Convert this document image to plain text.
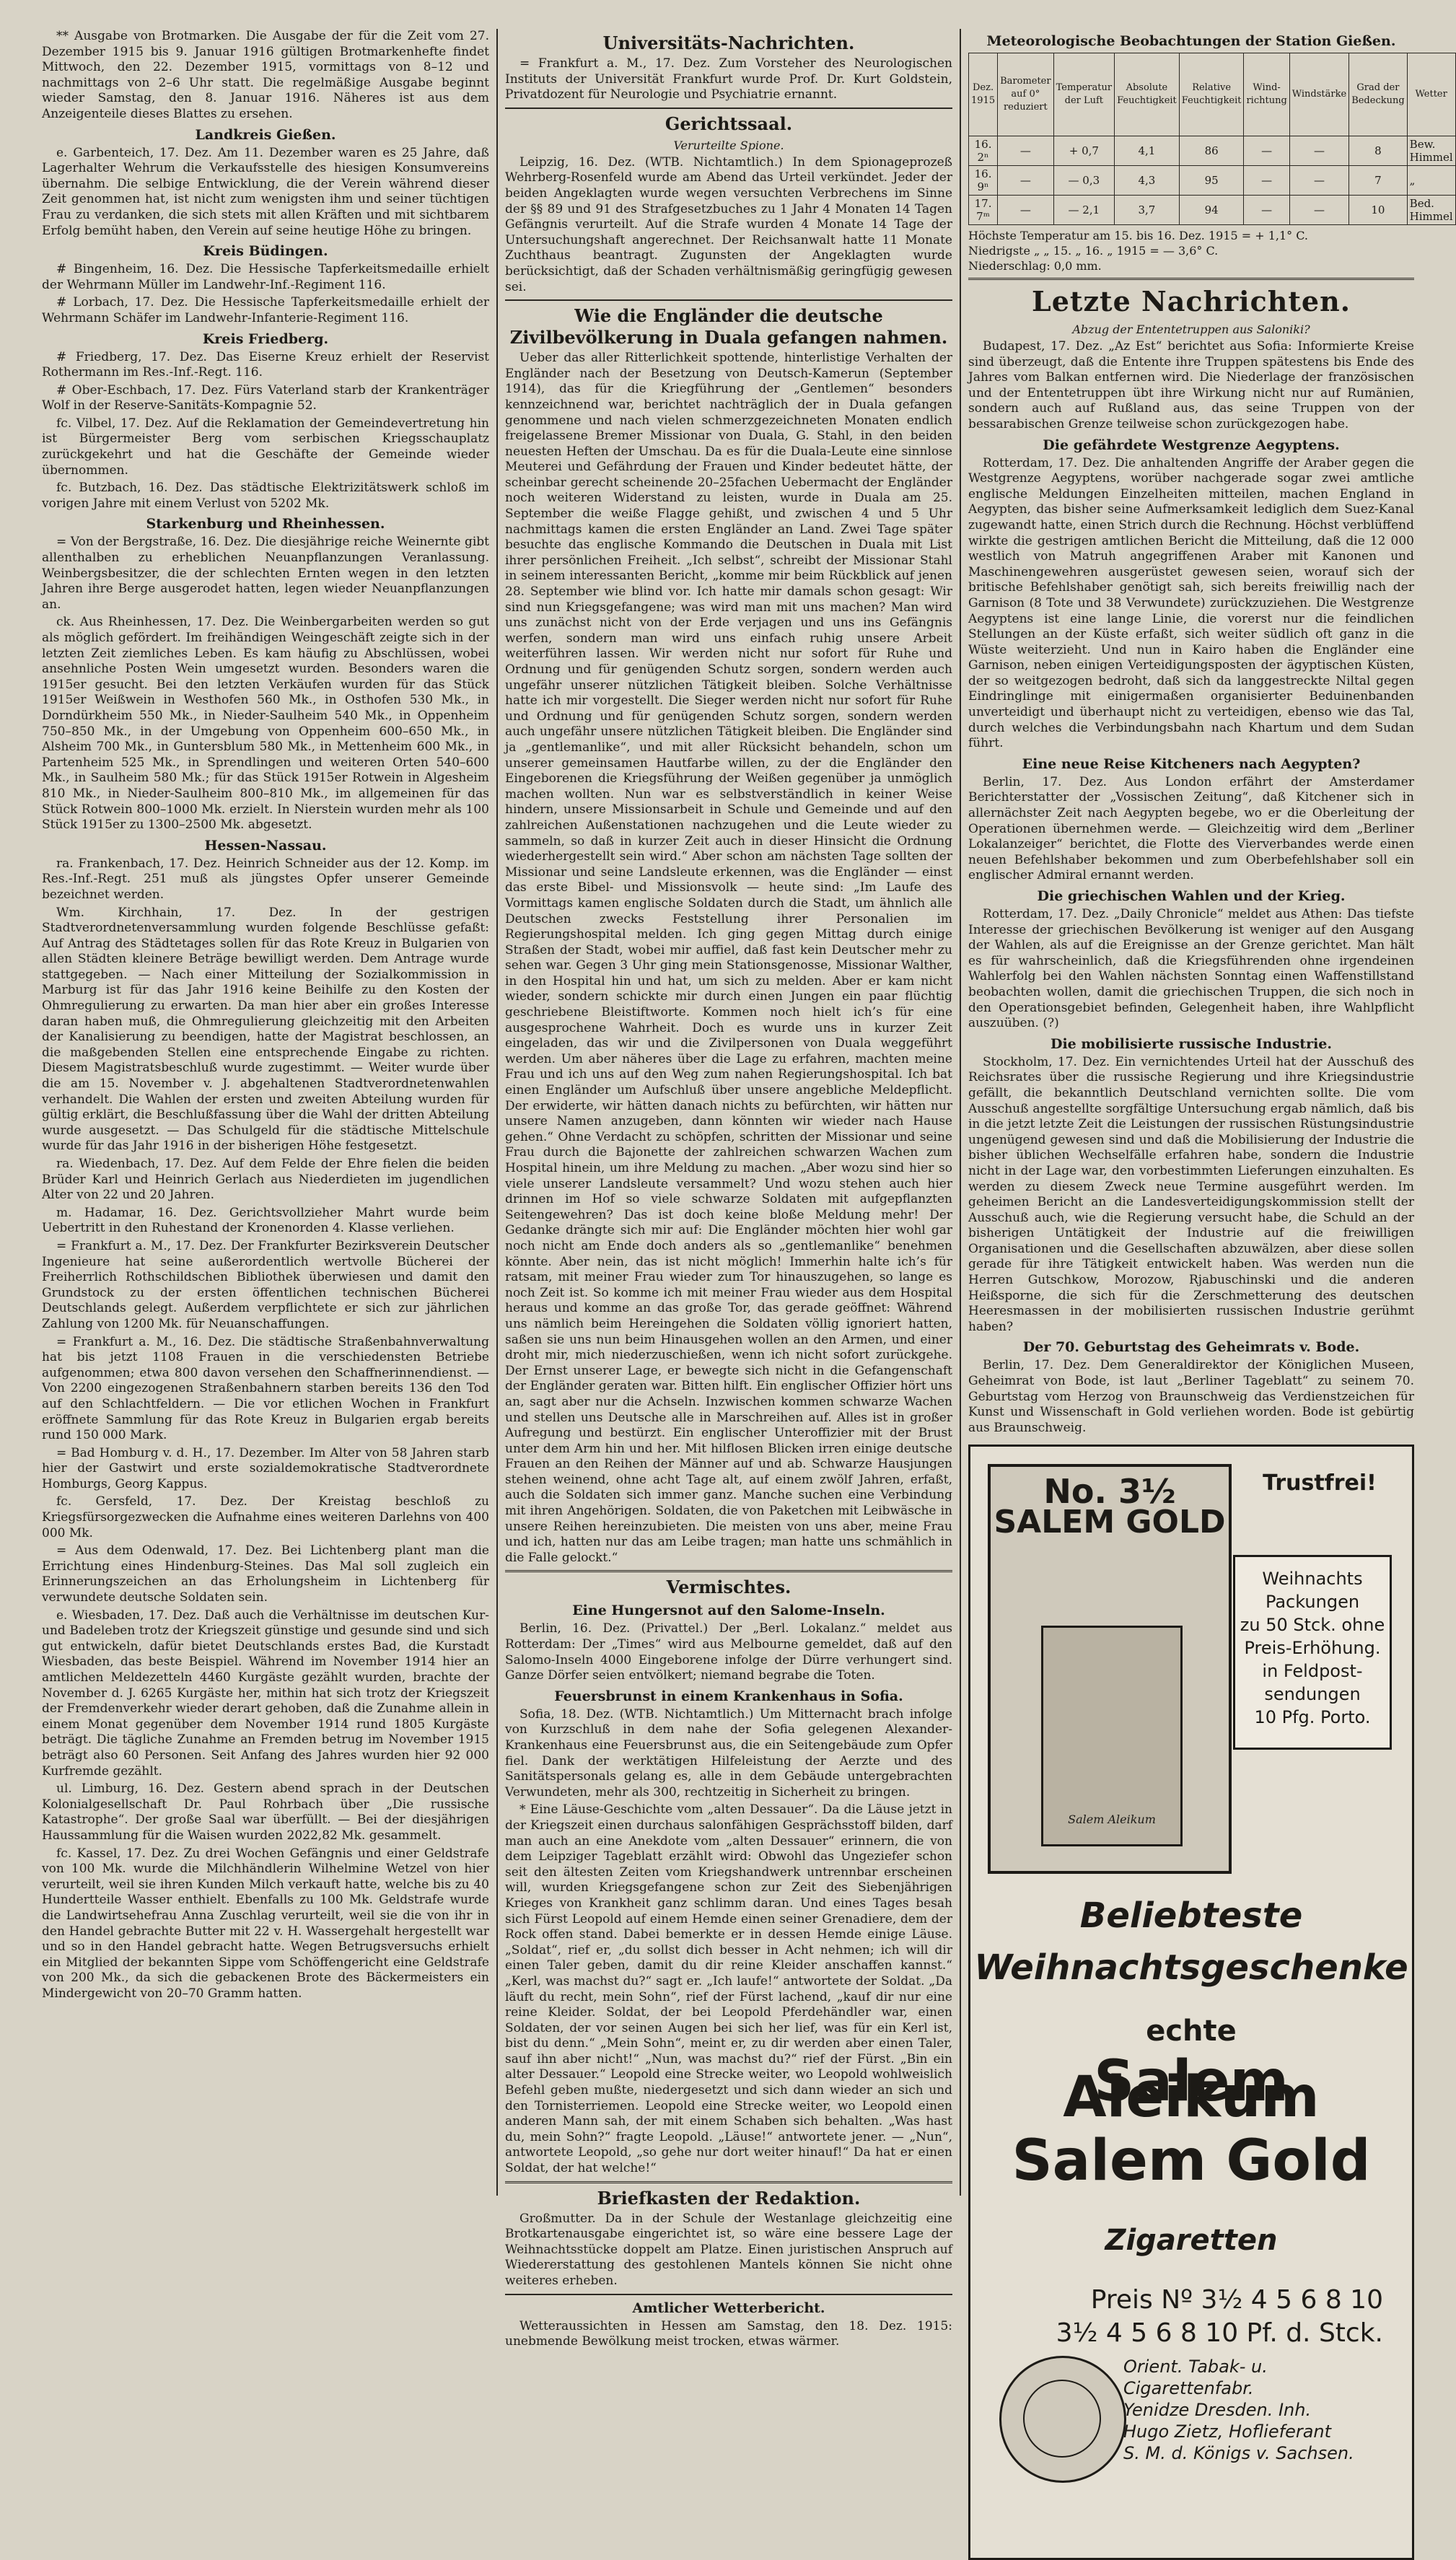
** Ausgabe von Brotmarken. Die Ausgabe der für die Zeit vom 27. Dezember 1915 bis 9. Januar 1916 gültigen Brotmarkenhefte findet Mittwoch, den 22. Dezember 1915, vormittags von 8–12 und nachmittags von 2–6 Uhr statt. Die regelmäßige Ausgabe beginnt wieder Samstag, den 8. Januar 1916. Näheres ist aus dem Anzeigenteile dieses Blattes zu ersehen.

Landkreis Gießen.

e. Garbenteich, 17. Dez. Am 11. Dezember waren es 25 Jahre, daß Lagerhalter Wehrum die Verkaufsstelle des hiesigen Konsumvereins übernahm. Die selbige Entwicklung, die der Verein während dieser Zeit genommen hat, ist nicht zum wenigsten ihm und seiner tüchtigen Frau zu verdanken, die sich stets mit allen Kräften und mit sichtbarem Erfolg bemüht haben, den Verein auf seine heutige Höhe zu bringen.

Kreis Büdingen.

# Bingenheim, 16. Dez. Die Hessische Tapferkeitsmedaille erhielt der Wehrmann Müller im Landwehr-Inf.-Regiment 116.

# Lorbach, 17. Dez. Die Hessische Tapferkeitsmedaille erhielt der Wehrmann Schäfer im Landwehr-Infanterie-Regiment 116.

Kreis Friedberg.

# Friedberg, 17. Dez. Das Eiserne Kreuz erhielt der Reservist Rothermann im Res.-Inf.-Regt. 116.

# Ober-Eschbach, 17. Dez. Fürs Vaterland starb der Krankenträger Wolf in der Reserve-Sanitäts-Kompagnie 52.

fc. Vilbel, 17. Dez. Auf die Reklamation der Gemeindevertretung hin ist Bürgermeister Berg vom serbischen Kriegsschauplatz zurückgekehrt und hat die Geschäfte der Gemeinde wieder übernommen.

fc. Butzbach, 16. Dez. Das städtische Elektrizitätswerk schloß im vorigen Jahre mit einem Verlust von 5202 Mk.

Starkenburg und Rheinhessen.

= Von der Bergstraße, 16. Dez. Die diesjährige reiche Weinernte gibt allenthalben zu erheblichen Neuanpflanzungen Veranlassung. Weinbergsbesitzer, die der schlechten Ernten wegen in den letzten Jahren ihre Berge ausgerodet hatten, legen wieder Neuanpflanzungen an.

ck. Aus Rheinhessen, 17. Dez. Die Weinbergarbeiten werden so gut als möglich gefördert. Im freihändigen Weingeschäft zeigte sich in der letzten Zeit ziemliches Leben. Es kam häufig zu Abschlüssen, wobei ansehnliche Posten Wein umgesetzt wurden. Besonders waren die 1915er gesucht. Bei den letzten Verkäufen wurden für das Stück 1915er Weißwein in Westhofen 560 Mk., in Osthofen 530 Mk., in Dorndürkheim 550 Mk., in Nieder-Saulheim 540 Mk., in Oppenheim 750–850 Mk., in der Umgebung von Oppenheim 600–650 Mk., in Alsheim 700 Mk., in Guntersblum 580 Mk., in Mettenheim 600 Mk., in Partenheim 525 Mk., in Sprendlingen und weiteren Orten 540–600 Mk., in Saulheim 580 Mk.; für das Stück 1915er Rotwein in Algesheim 810 Mk., in Nieder-Saulheim 800–810 Mk., im allgemeinen für das Stück Rotwein 800–1000 Mk. erzielt. In Nierstein wurden mehr als 100 Stück 1915er zu 1300–2500 Mk. abgesetzt.

Hessen-Nassau.

ra. Frankenbach, 17. Dez. Heinrich Schneider aus der 12. Komp. im Res.-Inf.-Regt. 251 muß als jüngstes Opfer unserer Gemeinde bezeichnet werden.

Wm. Kirchhain, 17. Dez. In der gestrigen Stadtverordnetenversammlung wurden folgende Beschlüsse gefaßt: Auf Antrag des Städtetages sollen für das Rote Kreuz in Bulgarien von allen Städten kleinere Beträge bewilligt werden. Dem Antrage wurde stattgegeben. — Nach einer Mitteilung der Sozialkommission in Marburg ist für das Jahr 1916 keine Beihilfe zu den Kosten der Ohmregulierung zu erwarten. Da man hier aber ein großes Interesse daran haben muß, die Ohmregulierung gleichzeitig mit den Arbeiten der Kanalisierung zu beendigen, hatte der Magistrat beschlossen, an die maßgebenden Stellen eine entsprechende Eingabe zu richten. Diesem Magistratsbeschluß wurde zugestimmt. — Weiter wurde über die am 15. November v. J. abgehaltenen Stadtverordnetenwahlen verhandelt. Die Wahlen der ersten und zweiten Abteilung wurden für gültig erklärt, die Beschlußfassung über die Wahl der dritten Abteilung wurde ausgesetzt. — Das Schulgeld für die städtische Mittelschule wurde für das Jahr 1916 in der bisherigen Höhe festgesetzt.

ra. Wiedenbach, 17. Dez. Auf dem Felde der Ehre fielen die beiden Brüder Karl und Heinrich Gerlach aus Niederdieten im jugendlichen Alter von 22 und 20 Jahren.

m. Hadamar, 16. Dez. Gerichtsvollzieher Mahrt wurde beim Uebertritt in den Ruhestand der Kronenorden 4. Klasse verliehen.

= Frankfurt a. M., 17. Dez. Der Frankfurter Bezirksverein Deutscher Ingenieure hat seine außerordentlich wertvolle Bücherei der Freiherrlich Rothschildschen Bibliothek überwiesen und damit den Grundstock zu der ersten öffentlichen technischen Bücherei Deutschlands gelegt. Außerdem verpflichtete er sich zur jährlichen Zahlung von 1200 Mk. für Neuanschaffungen.

= Frankfurt a. M., 16. Dez. Die städtische Straßenbahnverwaltung hat bis jetzt 1108 Frauen in die verschiedensten Betriebe aufgenommen; etwa 800 davon versehen den Schaffnerinnendienst. — Von 2200 eingezogenen Straßenbahnern starben bereits 136 den Tod auf den Schlachtfeldern. — Die vor etlichen Wochen in Frankfurt eröffnete Sammlung für das Rote Kreuz in Bulgarien ergab bereits rund 150 000 Mark.

= Bad Homburg v. d. H., 17. Dezember. Im Alter von 58 Jahren starb hier der Gastwirt und erste sozialdemokratische Stadtverordnete Homburgs, Georg Kappus.

fc. Gersfeld, 17. Dez. Der Kreistag beschloß zu Kriegsfürsorgezwecken die Aufnahme eines weiteren Darlehns von 400 000 Mk.

= Aus dem Odenwald, 17. Dez. Bei Lichtenberg plant man die Errichtung eines Hindenburg-Steines. Das Mal soll zugleich ein Erinnerungszeichen an das Erholungsheim in Lichtenberg für verwundete deutsche Soldaten sein.

e. Wiesbaden, 17. Dez. Daß auch die Verhältnisse im deutschen Kur- und Badeleben trotz der Kriegszeit günstige und gesunde sind und sich gut entwickeln, dafür bietet Deutschlands erstes Bad, die Kurstadt Wiesbaden, das beste Beispiel. Während im November 1914 hier an amtlichen Meldezetteln 4460 Kurgäste gezählt wurden, brachte der November d. J. 6265 Kurgäste her, mithin hat sich trotz der Kriegszeit der Fremdenverkehr wieder derart gehoben, daß die Zunahme allein in einem Monat gegenüber dem November 1914 rund 1805 Kurgäste beträgt. Die tägliche Zunahme an Fremden betrug im November 1915 beträgt also 60 Personen. Seit Anfang des Jahres wurden hier 92 000 Kurfremde gezählt.

ul. Limburg, 16. Dez. Gestern abend sprach in der Deutschen Kolonialgesellschaft Dr. Paul Rohrbach über „Die russische Katastrophe“. Der große Saal war überfüllt. — Bei der diesjährigen Haussammlung für die Waisen wurden 2022,82 Mk. gesammelt.

fc. Kassel, 17. Dez. Zu drei Wochen Gefängnis und einer Geldstrafe von 100 Mk. wurde die Milchhändlerin Wilhelmine Wetzel von hier verurteilt, weil sie ihren Kunden Milch verkauft hatte, welche bis zu 40 Hundertteile Wasser enthielt. Ebenfalls zu 100 Mk. Geldstrafe wurde die Landwirtsehefrau Anna Zuschlag verurteilt, weil sie die von ihr in den Handel gebrachte Butter mit 22 v. H. Wassergehalt hergestellt war und so in den Handel gebracht hatte. Wegen Betrugsversuchs erhielt ein Mitglied der bekannten Sippe vom Schöffengericht eine Geldstrafe von 200 Mk., da sich die gebackenen Brote des Bäckermeisters ein Mindergewicht von 20–70 Gramm hatten.

Universitäts-Nachrichten.

= Frankfurt a. M., 17. Dez. Zum Vorsteher des Neurologischen Instituts der Universität Frankfurt wurde Prof. Dr. Kurt Goldstein, Privatdozent für Neurologie und Psychiatrie ernannt.

Gerichtssaal.
Verurteilte Spione.

Leipzig, 16. Dez. (WTB. Nichtamtlich.) In dem Spionageprozeß Wehrberg-Rosenfeld wurde am Abend das Urteil verkündet. Jeder der beiden Angeklagten wurde wegen versuchten Verbrechens im Sinne der §§ 89 und 91 des Strafgesetzbuches zu 1 Jahr 4 Monaten 14 Tagen Gefängnis verurteilt. Auf die Strafe wurden 4 Monate 14 Tage der Untersuchungshaft angerechnet. Der Reichsanwalt hatte 11 Monate Zuchthaus beantragt. Zugunsten der Angeklagten wurde berücksichtigt, daß der Schaden verhältnismäßig geringfügig gewesen sei.

Wie die Engländer die deutsche Zivilbevölkerung in Duala gefangen nahmen.

Ueber das aller Ritterlichkeit spottende, hinterlistige Verhalten der Engländer nach der Besetzung von Deutsch-Kamerun (September 1914), das für die Kriegführung der „Gentlemen“ besonders kennzeichnend war, berichtet nachträglich der in Duala gefangen genommene und nach vielen schmerzgezeichneten Monaten endlich freigelassene Bremer Missionar von Duala, G. Stahl, in den beiden neuesten Heften der Umschau. Da es für die Duala-Leute eine sinnlose Meuterei und Gefährdung der Frauen und Kinder bedeutet hätte, der scheinbar gerecht scheinende 20–25fachen Uebermacht der Engländer noch weiteren Widerstand zu leisten, wurde in Duala am 25. September die weiße Flagge gehißt, und zwischen 4 und 5 Uhr nachmittags kamen die ersten Engländer an Land. Zwei Tage später besuchte das englische Kommando die Deutschen in Duala mit List ihrer persönlichen Freiheit. „Ich selbst“, schreibt der Missionar Stahl in seinem interessanten Bericht, „komme mir beim Rückblick auf jenen 28. September wie blind vor. Ich hatte mir damals schon gesagt: Wir sind nun Kriegsgefangene; was wird man mit uns machen? Man wird uns zunächst nicht von der Erde verjagen und uns ins Gefängnis werfen, sondern man wird uns einfach ruhig unsere Arbeit weiterführen lassen. Wir werden nicht nur sofort für Ruhe und Ordnung und für genügenden Schutz sorgen, sondern werden auch ungefähr unserer nützlichen Tätigkeit bleiben. Solche Verhältnisse hatte ich mir vorgestellt. Die Sieger werden nicht nur sofort für Ruhe und Ordnung und für genügenden Schutz sorgen, sondern werden auch ungefähr unsere nützlichen Tätigkeit bleiben. Die Engländer sind ja „gentlemanlike“, und mit aller Rücksicht behandeln, schon um unserer gemeinsamen Hautfarbe willen, zu der die Engländer den Eingeborenen die Kriegsführung der Weißen gegenüber ja unmöglich machen wollten. Nun war es selbstverständlich in keiner Weise hindern, unsere Missionsarbeit in Schule und Gemeinde und auf den zahlreichen Außenstationen nachzugehen und die Leute wieder zu sammeln, so daß in kurzer Zeit auch in dieser Hinsicht die Ordnung wiederhergestellt sein wird.“ Aber schon am nächsten Tage sollten der Missionar und seine Landsleute erkennen, was die Engländer — einst das erste Bibel- und Missionsvolk — heute sind: „Im Laufe des Vormittags kamen englische Soldaten durch die Stadt, um ähnlich alle Deutschen zwecks Feststellung ihrer Personalien im Regierungshospital melden. Ich ging gegen Mittag durch einige Straßen der Stadt, wobei mir auffiel, daß fast kein Deutscher mehr zu sehen war. Gegen 3 Uhr ging mein Stationsgenosse, Missionar Walther, in den Hospital hin und hat, um sich zu melden. Aber er kam nicht wieder, sondern schickte mir durch einen Jungen ein paar flüchtig geschriebene Bleistiftworte. Kommen noch hielt ich’s für eine ausgesprochene Wahrheit. Doch es wurde uns in kurzer Zeit eingeladen, das wir und die Zivilpersonen von Duala weggeführt werden. Um aber näheres über die Lage zu erfahren, machten meine Frau und ich uns auf den Weg zum nahen Regierungshospital. Ich bat einen Engländer um Aufschluß über unsere angebliche Meldepflicht. Der erwiderte, wir hätten danach nichts zu befürchten, wir hätten nur unsere Namen anzugeben, dann könnten wir wieder nach Hause gehen.“ Ohne Verdacht zu schöpfen, schritten der Missionar und seine Frau durch die Bajonette der zahlreichen schwarzen Wachen zum Hospital hinein, um ihre Meldung zu machen. „Aber wozu sind hier so viele unserer Landsleute versammelt? Und wozu stehen auch hier drinnen im Hof so viele schwarze Soldaten mit aufgepflanzten Seitengewehren? Das ist doch keine bloße Meldung mehr! Der Gedanke drängte sich mir auf: Die Engländer möchten hier wohl gar noch nicht am Ende doch anders als so „gentlemanlike“ benehmen könnte. Aber nein, das ist nicht möglich! Immerhin halte ich’s für ratsam, mit meiner Frau wieder zum Tor hinauszugehen, so lange es noch Zeit ist. So komme ich mit meiner Frau wieder aus dem Hospital heraus und komme an das große Tor, das gerade geöffnet: Während uns nämlich beim Hereingehen die Soldaten völlig ignoriert hatten, saßen sie uns nun beim Hinausgehen wollen an den Armen, und einer droht mir, mich niederzuschießen, wenn ich nicht sofort zurückgehe. Der Ernst unserer Lage, er bewegte sich nicht in die Gefangenschaft der Engländer geraten war. Bitten hilft. Ein englischer Offizier hört uns an, sagt aber nur die Achseln. Inzwischen kommen schwarze Wachen und stellen uns Deutsche alle in Marschreihen auf. Alles ist in großer Aufregung und bestürzt. Ein englischer Unteroffizier mit der Brust unter dem Arm hin und her. Mit hilflosen Blicken irren einige deutsche Frauen an den Reihen der Männer auf und ab. Schwarze Hausjungen stehen weinend, ohne acht Tage alt, auf einem zwölf Jahren, erfaßt, auch die Soldaten sich immer ganz. Manche suchen eine Verbindung mit ihren Angehörigen. Soldaten, die von Paketchen mit Leibwäsche in unsere Reihen hereinzubieten. Die meisten von uns aber, meine Frau und ich, hatten nur das am Leibe tragen; man hatte uns schmählich in die Falle gelockt.“

Vermischtes.
Eine Hungersnot auf den Salome-Inseln.

Berlin, 16. Dez. (Privattel.) Der „Berl. Lokalanz.“ meldet aus Rotterdam: Der „Times“ wird aus Melbourne gemeldet, daß auf den Salomo-Inseln 4000 Eingeborene infolge der Dürre verhungert sind. Ganze Dörfer seien entvölkert; niemand begrabe die Toten.

Feuersbrunst in einem Krankenhaus in Sofia.

Sofia, 18. Dez. (WTB. Nichtamtlich.) Um Mitternacht brach infolge von Kurzschluß in dem nahe der Sofia gelegenen Alexander-Krankenhaus eine Feuersbrunst aus, die ein Seitengebäude zum Opfer fiel. Dank der werktätigen Hilfeleistung der Aerzte und des Sanitätspersonals gelang es, alle in dem Gebäude untergebrachten Verwundeten, mehr als 300, rechtzeitig in Sicherheit zu bringen.

* Eine Läuse-Geschichte vom „alten Dessauer“. Da die Läuse jetzt in der Kriegszeit einen durchaus salonfähigen Gesprächsstoff bilden, darf man auch an eine Anekdote vom „alten Dessauer“ erinnern, die von dem Leipziger Tageblatt erzählt wird: Obwohl das Ungeziefer schon seit den ältesten Zeiten vom Kriegshandwerk untrennbar erscheinen will, wurden Kriegsgefangene schon zur Zeit des Siebenjährigen Krieges von Krankheit ganz schlimm daran. Und eines Tages besah sich Fürst Leopold auf einem Hemde einen seiner Grenadiere, dem der Rock offen stand. Dabei bemerkte er in dessen Hemde einige Läuse. „Soldat“, rief er, „du sollst dich besser in Acht nehmen; ich will dir einen Taler geben, damit du dir reine Kleider anschaffen kannst.“ „Kerl, was machst du?“ sagt er. „Ich laufe!“ antwortete der Soldat. „Da läuft du recht, mein Sohn“, rief der Fürst lachend, „kauf dir nur eine reine Kleider. Soldat, der bei Leopold Pferdehändler war, einen Soldaten, der vor seinen Augen bei sich her lief, was für ein Kerl ist, bist du denn.“ „Mein Sohn“, meint er, zu dir werden aber einen Taler, sauf ihn aber nicht!“ „Nun, was machst du?“ rief der Fürst. „Bin ein alter Dessauer.“ Leopold eine Strecke weiter, wo Leopold wohlweislich Befehl geben mußte, niedergesetzt und sich dann wieder an sich und den Tornisterriemen. Leopold eine Strecke weiter, wo Leopold einen anderen Mann sah, der mit einem Schaben sich behalten. „Was hast du, mein Sohn?“ fragte Leopold. „Läuse!“ antwortete jener. — „Nun“, antwortete Leopold, „so gehe nur dort weiter hinauf!“ Da hat er einen Soldat, der hat welche!“

Briefkasten der Redaktion.

Großmutter. Da in der Schule der Westanlage gleichzeitig eine Brotkartenausgabe eingerichtet ist, so wäre eine bessere Lage der Weihnachtsstücke doppelt am Platze. Einen juristischen Anspruch auf Wiedererstattung des gestohlenen Mantels können Sie nicht ohne weiteres erheben.

Amtlicher Wetterbericht.

Wetteraussichten in Hessen am Samstag, den 18. Dez. 1915: unebmende Bewölkung meist trocken, etwas wärmer.

Meteorologische Beobachtungen der Station Gießen.
Dez. 1915	Barometer auf 0° reduziert	Temperatur der Luft	Absolute Feuchtigkeit	Relative Feuchtigkeit	Wind-richtung	Windstärke	Grad der Bedeckung	Wetter
16. 2ⁿ	—	+ 0,7	4,1	86	—	—	8	Bew. Himmel
16. 9ⁿ	—	— 0,3	4,3	95	—	—	7	„
17. 7ᵐ	—	— 2,1	3,7	94	—	—	10	Bed. Himmel
Höchste Temperatur am 15. bis 16. Dez. 1915 = + 1,1° C.
Niedrigste „ „ 15. „ 16. „ 1915 = — 3,6° C.
Niederschlag: 0,0 mm.
Letzte Nachrichten.
Abzug der Ententetruppen aus Saloniki?

Budapest, 17. Dez. „Az Est“ berichtet aus Sofia: Informierte Kreise sind überzeugt, daß die Entente ihre Truppen spätestens bis Ende des Jahres vom Balkan entfernen wird. Die Niederlage der französischen und der Ententetruppen übt ihre Wirkung nicht nur auf Rumänien, sondern auch auf Rußland aus, das seine Truppen von der bessarabischen Grenze teilweise schon zurückgezogen habe.

Die gefährdete Westgrenze Aegyptens.

Rotterdam, 17. Dez. Die anhaltenden Angriffe der Araber gegen die Westgrenze Aegyptens, worüber nachgerade sogar zwei amtliche englische Meldungen Einzelheiten mitteilen, machen England in Aegypten, das bisher seine Aufmerksamkeit lediglich dem Suez-Kanal zugewandt hatte, einen Strich durch die Rechnung. Höchst verblüffend wirkte die gestrigen amtlichen Bericht die Mitteilung, daß die 12 000 westlich von Matruh angegriffenen Araber mit Kanonen und Maschinengewehren ausgerüstet gewesen seien, worauf sich der britische Befehlshaber genötigt sah, sich bereits freiwillig nach der Garnison (8 Tote und 38 Verwundete) zurückzuziehen. Die Westgrenze Aegyptens ist eine lange Linie, die vorerst nur die feindlichen Stellungen an der Küste erfaßt, sich weiter südlich oft ganz in die Wüste weiterzieht. Und nun in Kairo haben die Engländer eine Garnison, neben einigen Verteidigungsposten der ägyptischen Küsten, der so weitgezogen bedroht, daß sich da langgestreckte Niltal gegen Eindringlinge mit einigermaßen organisierter Beduinenbanden unverteidigt und überhaupt nicht zu verteidigen, ebenso wie das Tal, durch welches die Verbindungsbahn nach Khartum und dem Sudan führt.

Eine neue Reise Kitcheners nach Aegypten?

Berlin, 17. Dez. Aus London erfährt der Amsterdamer Berichterstatter der „Vossischen Zeitung“, daß Kitchener sich in allernächster Zeit nach Aegypten begebe, wo er die Oberleitung der Operationen übernehmen werde. — Gleichzeitig wird dem „Berliner Lokalanzeiger“ berichtet, die Flotte des Vierverbandes werde einen neuen Befehlshaber bekommen und zum Oberbefehlshaber soll ein englischer Admiral ernannt werden.

Die griechischen Wahlen und der Krieg.

Rotterdam, 17. Dez. „Daily Chronicle“ meldet aus Athen: Das tiefste Interesse der griechischen Bevölkerung ist weniger auf den Ausgang der Wahlen, als auf die Ereignisse an der Grenze gerichtet. Man hält es für wahrscheinlich, daß die Kriegsführenden ohne irgendeinen Wahlerfolg bei den Wahlen nächsten Sonntag einen Waffenstillstand beobachten wollen, damit die griechischen Truppen, die sich noch in den Operationsgebiet befinden, Gelegenheit haben, ihre Wahlpflicht auszuüben. (?)

Die mobilisierte russische Industrie.

Stockholm, 17. Dez. Ein vernichtendes Urteil hat der Ausschuß des Reichsrates über die russische Regierung und ihre Kriegsindustrie gefällt, die bekanntlich Deutschland vernichten sollte. Die vom Ausschuß angestellte sorgfältige Untersuchung ergab nämlich, daß bis in die jetzt letzte Zeit die Leistungen der russischen Rüstungsindustrie ungenügend gewesen sind und daß die Mobilisierung der Industrie die bisher üblichen Wechselfälle erfahren habe, sondern die Industrie nicht in der Lage war, den vorbestimmten Lieferungen einzuhalten. Es werden zu diesem Zweck neue Termine ausgeführt werden. Im geheimen Bericht an die Landesverteidigungskommission stellt der Ausschuß auch, wie die Regierung versucht habe, die Schuld an der bisherigen Untätigkeit der Industrie auf die freiwilligen Organisationen und die Gesellschaften abzuwälzen, aber diese sollen gerade für ihre Tätigkeit entwickelt haben. Was werden nun die Herren Gutschkow, Morozow, Rjabuschinski und die anderen Heißsporne, die sich für die Zerschmetterung des deutschen Heeresmassen in der mobilisierten russischen Industrie gerühmt haben?

Der 70. Geburtstag des Geheimrats v. Bode.

Berlin, 17. Dez. Dem Generaldirektor der Königlichen Museen, Geheimrat von Bode, ist laut „Berliner Tageblatt“ zu seinem 70. Geburtstag vom Herzog von Braunschweig das Verdienstzeichen für Kunst und Wissenschaft in Gold verliehen worden. Bode ist gebürtig aus Braunschweig.

No. 3½
SALEM GOLD
Salem Aleikum
Trustfrei!
Weihnachts
Packungen
zu 50 Stck. ohne
Preis-Erhöhung.
in Feldpost-
sendungen
10 Pfg. Porto.
Beliebteste
Weihnachtsgeschenke
echte
Salem Aleikum
Salem Gold
Zigaretten
Preis Nº 3½ 4 5 6 8 10
3½ 4 5 6 8 10 Pf. d. Stck.
Orient. Tabak- u. Cigarettenfabr.
Yenidze Dresden. Inh.
Hugo Zietz, Hoflieferant
S. M. d. Königs v. Sachsen.
